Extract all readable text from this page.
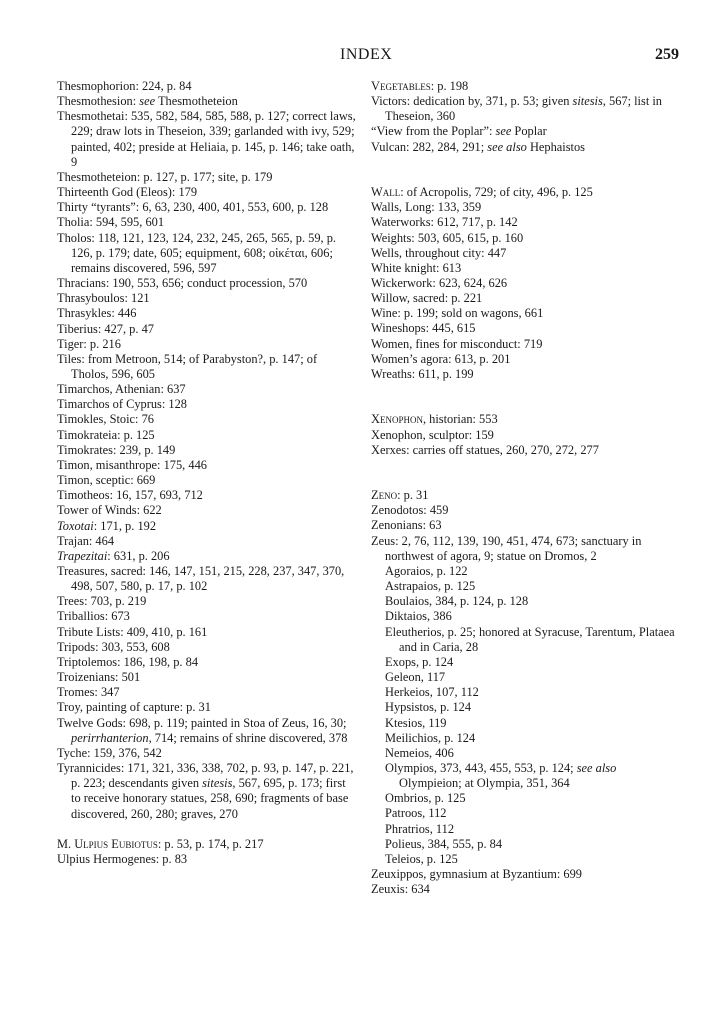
INDEX	259
Thesmophorion: 224, p. 84
Thesmothesion: see Thesmotheteion
Thesmothetai: 535, 582, 584, 585, 588, p. 127; correct laws, 229; draw lots in Theseion, 339; garlanded with ivy, 529; painted, 402; preside at Heliaia, p. 145, p. 146; take oath, 9
Thesmotheteion: p. 127, p. 177; site, p. 179
Thirteenth God (Eleos): 179
Thirty “tyrants”: 6, 63, 230, 400, 401, 553, 600, p. 128
Tholia: 594, 595, 601
Tholos: 118, 121, 123, 124, 232, 245, 265, 565, p. 59, p. 126, p. 179; date, 605; equipment, 608; οἰκέται, 606; remains discovered, 596, 597
Thracians: 190, 553, 656; conduct procession, 570
Thrasyboulos: 121
Thrasykles: 446
Tiberius: 427, p. 47
Tiger: p. 216
Tiles: from Metroon, 514; of Parabyston?, p. 147; of Tholos, 596, 605
Timarchos, Athenian: 637
Timarchos of Cyprus: 128
Timokles, Stoic: 76
Timokrateia: p. 125
Timokrates: 239, p. 149
Timon, misanthrope: 175, 446
Timon, sceptic: 669
Timotheos: 16, 157, 693, 712
Tower of Winds: 622
Toxotai: 171, p. 192
Trajan: 464
Trapezitai: 631, p. 206
Treasures, sacred: 146, 147, 151, 215, 228, 237, 347, 370, 498, 507, 580, p. 17, p. 102
Trees: 703, p. 219
Triballios: 673
Tribute Lists: 409, 410, p. 161
Tripods: 303, 553, 608
Triptolemos: 186, 198, p. 84
Troizenians: 501
Tromes: 347
Troy, painting of capture: p. 31
Twelve Gods: 698, p. 119; painted in Stoa of Zeus, 16, 30; perirrhanterion, 714; remains of shrine discovered, 378
Tyche: 159, 376, 542
Tyrannicides: 171, 321, 336, 338, 702, p. 93, p. 147, p. 221, p. 223; descendants given sitesis, 567, 695, p. 173; first to receive honorary statues, 258, 690; fragments of base discovered, 260, 280; graves, 270
M. Ulpius Eubiotus: p. 53, p. 174, p. 217
Ulpius Hermogenes: p. 83
Vegetables: p. 198
Victors: dedication by, 371, p. 53; given sitesis, 567; list in Theseion, 360
“View from the Poplar”: see Poplar
Vulcan: 282, 284, 291; see also Hephaistos
Wall: of Acropolis, 729; of city, 496, p. 125
Walls, Long: 133, 359
Waterworks: 612, 717, p. 142
Weights: 503, 605, 615, p. 160
Wells, throughout city: 447
White knight: 613
Wickerwork: 623, 624, 626
Willow, sacred: p. 221
Wine: p. 199; sold on wagons, 661
Wineshops: 445, 615
Women, fines for misconduct: 719
Women’s agora: 613, p. 201
Wreaths: 611, p. 199
Xenophon, historian: 553
Xenophon, sculptor: 159
Xerxes: carries off statues, 260, 270, 272, 277
Zeno: p. 31
Zenodotos: 459
Zenonians: 63
Zeus: 2, 76, 112, 139, 190, 451, 474, 673; sanctuary in northwest of agora, 9; statue on Dromos, 2
Agoraios, p. 122
Astrapaios, p. 125
Boulaios, 384, p. 124, p. 128
Diktaios, 386
Eleutherios, p. 25; honored at Syracuse, Tarentum, Plataea and in Caria, 28
Exops, p. 124
Geleon, 117
Herkeios, 107, 112
Hypsistos, p. 124
Ktesios, 119
Meilichios, p. 124
Nemeios, 406
Olympios, 373, 443, 455, 553, p. 124; see also Olympieion; at Olympia, 351, 364
Ombrios, p. 125
Patroos, 112
Phratrios, 112
Polieus, 384, 555, p. 84
Teleios, p. 125
Zeuxippos, gymnasium at Byzantium: 699
Zeuxis: 634
